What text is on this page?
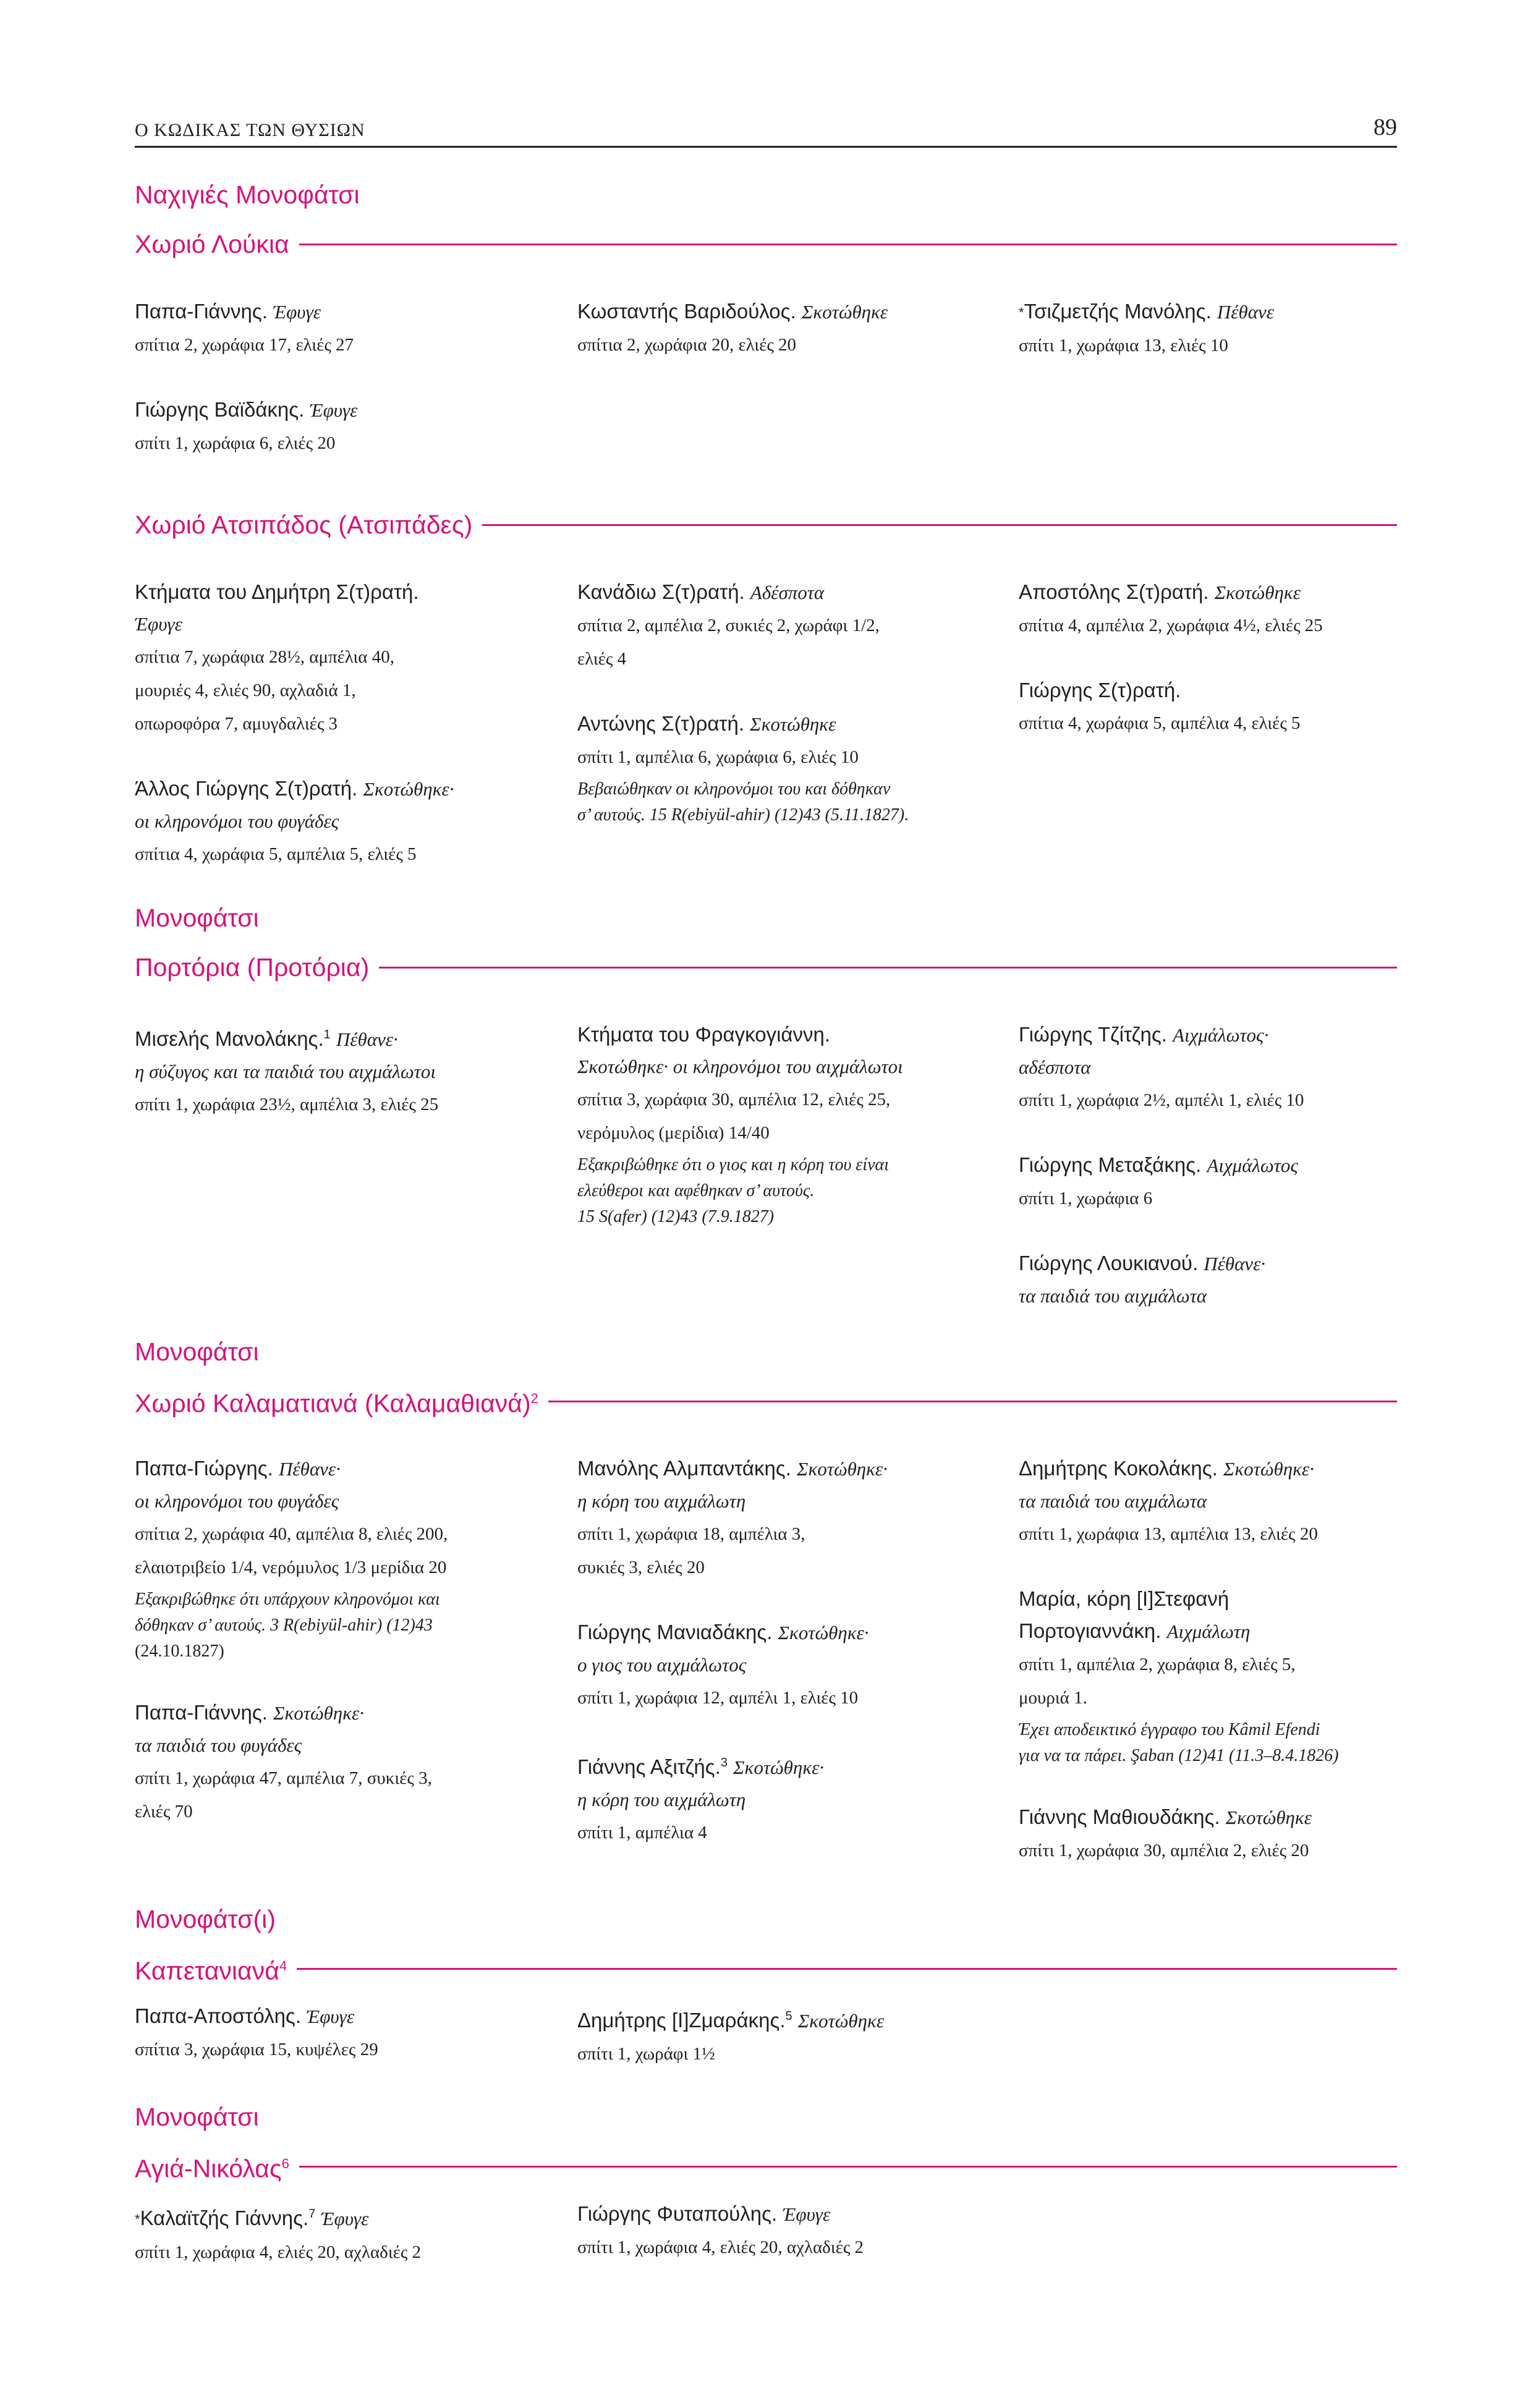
Ο ΚΩΔΙΚΑΣ ΤΩΝ ΘΥΣΙΩΝ	89
Ναχιγιές Μονοφάτσι
Χωριό Λούκια
Παπα-Γιάννης. Έφυγε
σπίτια 2, χωράφια 17, ελιές 27
Γιώργης Βαϊδάκης. Έφυγε
σπίτι 1, χωράφια 6, ελιές 20
Κωσταντής Βαριδούλος. Σκοτώθηκε
σπίτια 2, χωράφια 20, ελιές 20
*Τσιζμετζής Μανόλης. Πέθανε
σπίτι 1, χωράφια 13, ελιές 10
Χωριό Ατσιπάδος (Ατσιπάδες)
Κτήματα του Δημήτρη Σ(τ)ρατή.
Έφυγε
σπίτια 7, χωράφια 28½, αμπέλια 40,
μουριές 4, ελιές 90, αχλαδιά 1,
οπωροφόρα 7, αμυγδαλιές 3
Άλλος Γιώργης Σ(τ)ρατή. Σκοτώθηκε·
οι κληρονόμοι του φυγάδες
σπίτια 4, χωράφια 5, αμπέλια 5, ελιές 5
Κανάδιω Σ(τ)ρατή. Αδέσποτα
σπίτια 2, αμπέλια 2, συκιές 2, χωράφι 1/2,
ελιές 4
Αντώνης Σ(τ)ρατή. Σκοτώθηκε
σπίτι 1, αμπέλια 6, χωράφια 6, ελιές 10
Βεβαιώθηκαν οι κληρονόμοι του και δόθηκαν
σ’ αυτούς. 15 R(ebiyül-ahir) (12)43 (5.11.1827).
Αποστόλης Σ(τ)ρατή. Σκοτώθηκε
σπίτια 4, αμπέλια 2, χωράφια 4½, ελιές 25
Γιώργης Σ(τ)ρατή.
σπίτια 4, χωράφια 5, αμπέλια 4, ελιές 5
Μονοφάτσι
Πορτόρια (Προτόρια)
Μισελής Μανολάκης.$^1$ Πέθανε·
η σύζυγος και τα παιδιά του αιχμάλωτοι
σπίτι 1, χωράφια 23½, αμπέλια 3, ελιές 25
Κτήματα του Φραγκογιάννη.
Σκοτώθηκε· οι κληρονόμοι του αιχμάλωτοι
σπίτια 3, χωράφια 30, αμπέλια 12, ελιές 25,
νερόμυλος (μερίδια) 14/40
Εξακριβώθηκε ότι ο γιος και η κόρη του είναι
ελεύθεροι και αφέθηκαν σ’ αυτούς.
15 S(afer) (12)43 (7.9.1827)
Γιώργης Τζίτζης. Αιχμάλωτος·
αδέσποτα
σπίτι 1, χωράφια 2½, αμπέλι 1, ελιές 10
Γιώργης Μεταξάκης. Αιχμάλωτος
σπίτι 1, χωράφια 6
Γιώργης Λουκιανού. Πέθανε·
τα παιδιά του αιχμάλωτα
Μονοφάτσι
Χωριό Καλαματιανά $(K\alpha\lambda\alpha\mu\alpha\theta\iota\alpha\nu ά)^2$
Παπα-Γιώργης. Πέθανε·
οι κληρονόμοι του φυγάδες
σπίτια 2, χωράφια 40, αμπέλια 8, ελιές 200,
ελαιοτριβείο 1/4, νερόμυλος 1/3 μερίδια 20
Εξακριβώθηκε ότι υπάρχουν κληρονόμοι και
δόθηκαν σ’ αυτούς. 3 R(ebiyül-ahir) (12)43
(24.10.1827)
Παπα-Γιάννης. Σκοτώθηκε·
τα παιδιά του φυγάδες
σπίτι 1, χωράφια 47, αμπέλια 7, συκιές 3,
ελιές 70
Μανόλης Αλμπαντάκης. Σκοτώθηκε·
η κόρη του αιχμάλωτη
σπίτι 1, χωράφια 18, αμπέλια 3,
συκιές 3, ελιές 20
Γιώργης Μανιαδάκης. Σκοτώθηκε·
ο γιος του αιχμάλωτος
σπίτι 1, χωράφια 12, αμπέλι 1, ελιές 10
Γιάννης Αξιτζής.$^3$ Σκοτώθηκε·
η κόρη του αιχμάλωτη
σπίτι 1, αμπέλια 4
Δημήτρης Κοκολάκης. Σκοτώθηκε·
τα παιδιά του αιχμάλωτα
σπίτι 1, χωράφια 13, αμπέλια 13, ελιές 20
Μαρία, κόρη [Ι]Στεφανή
Πορτογιαννάκη. Αιχμάλωτη
σπίτι 1, αμπέλια 2, χωράφια 8, ελιές 5,
μουριά 1.
Έχει αποδεικτικό έγγραφο του Kâmil Efendi
για να τα πάρει. Şaban (12)41 (11.3–8.4.1826)
Γιάννης Μαθιουδάκης. Σκοτώθηκε
σπίτι 1, χωράφια 30, αμπέλια 2, ελιές 20
Μονοφάτσ(ι)
Καπετανιανά$^4$
Παπα-Αποστόλης. Έφυγε
σπίτια 3, χωράφια 15, κυψέλες 29
Δημήτρης [Ι]Ζμαράκης.$^5$ Σκοτώθηκε
σπίτι 1, χωράφι 1½
Μονοφάτσι
Αγιά-Νικόλας$^6$
*Καλαϊτζής Γιάννης.$^7$ Έφυγε
σπίτι 1, χωράφια 4, ελιές 20, αχλαδιές 2
Γιώργης Φυταπούλης. Έφυγε
σπίτι 1, χωράφια 4, ελιές 20, αχλαδιές 2
